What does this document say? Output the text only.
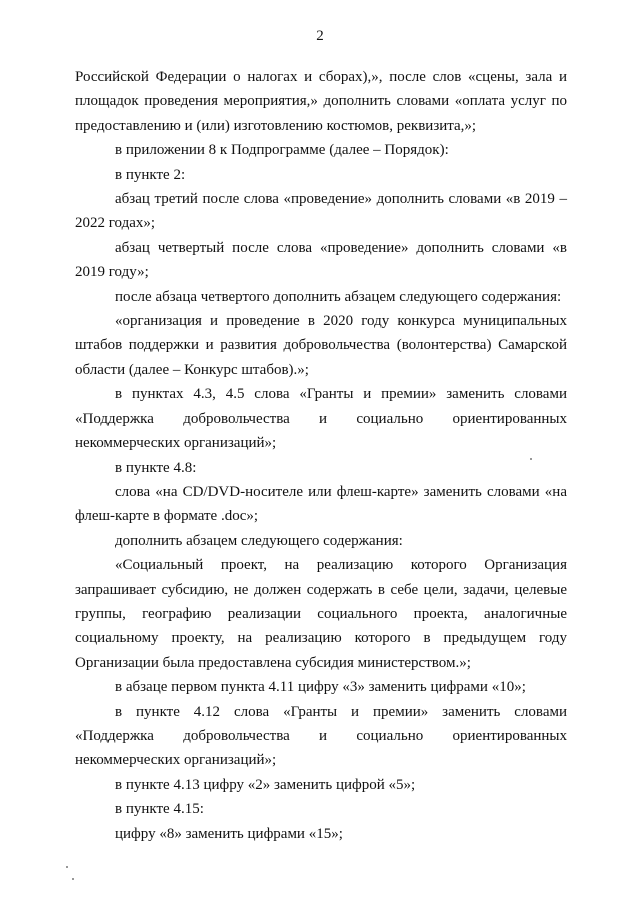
2

Российской Федерации о налогах и сборах),», после слов «сцены, зала и площадок проведения мероприятия,» дополнить словами «оплата услуг по предоставлению и (или) изготовлению костюмов, реквизита,»;

в приложении 8 к Подпрограмме (далее – Порядок):

в пункте 2:

абзац третий после слова «проведение» дополнить словами «в 2019 – 2022 годах»;

абзац четвертый после слова «проведение» дополнить словами «в 2019 году»;

после абзаца четвертого дополнить абзацем следующего содержания:

«организация и проведение в 2020 году конкурса муниципальных штабов поддержки и развития добровольчества (волонтерства) Самарской области (далее – Конкурс штабов).»;

в пунктах 4.3, 4.5 слова «Гранты и премии» заменить словами «Поддержка добровольчества и социально ориентированных некоммерческих организаций»;

в пункте 4.8:

слова «на CD/DVD-носителе или флеш-карте» заменить словами «на флеш-карте в формате .doc»;

дополнить абзацем следующего содержания:

«Социальный проект, на реализацию которого Организация запрашивает субсидию, не должен содержать в себе цели, задачи, целевые группы, географию реализации социального проекта, аналогичные социальному проекту, на реализацию которого в предыдущем году Организации была предоставлена субсидия министерством.»;

в абзаце первом пункта 4.11 цифру «3» заменить цифрами «10»;

в пункте 4.12 слова «Гранты и премии» заменить словами «Поддержка добровольчества и социально ориентированных некоммерческих организаций»;

в пункте 4.13 цифру «2» заменить цифрой «5»;

в пункте 4.15:

цифру «8» заменить цифрами «15»;
